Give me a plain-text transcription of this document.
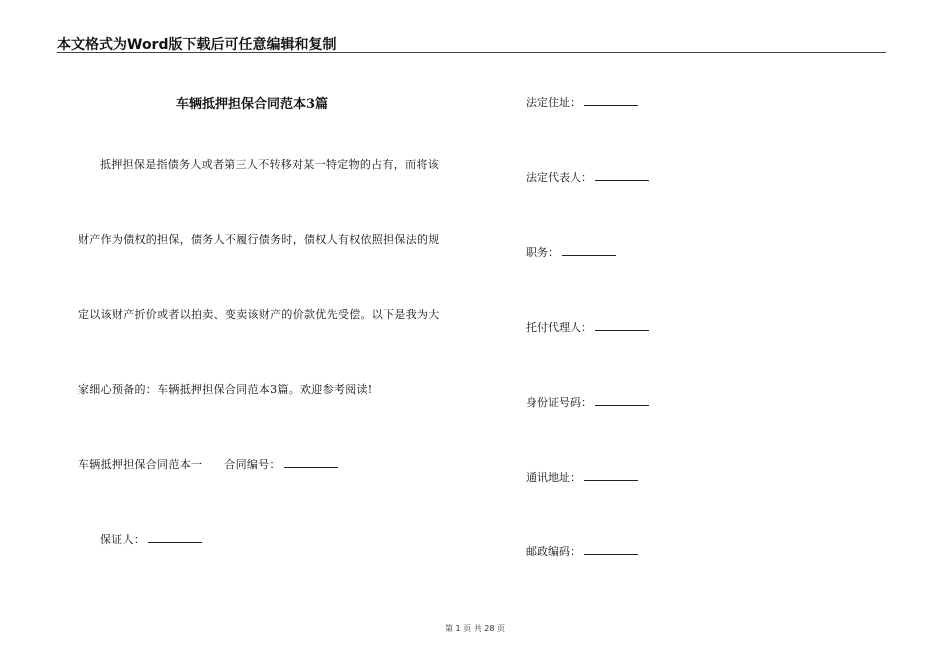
本文格式为Word版下载后可任意编辑和复制
车辆抵押担保合同范本3篇
抵押担保是指债务人或者第三人不转移对某一特定物的占有，而将该
财产作为债权的担保，债务人不履行债务时，债权人有权依照担保法的规
定以该财产折价或者以拍卖、变卖该财产的价款优先受偿。以下是我为大
家细心预备的：车辆抵押担保合同范本3篇。欢迎参考阅读!
车辆抵押担保合同范本一 合同编号：
保证人：
法定住址：
法定代表人：
职务：
托付代理人：
身份证号码：
通讯地址：
邮政编码：
第 1 页 共 28 页
